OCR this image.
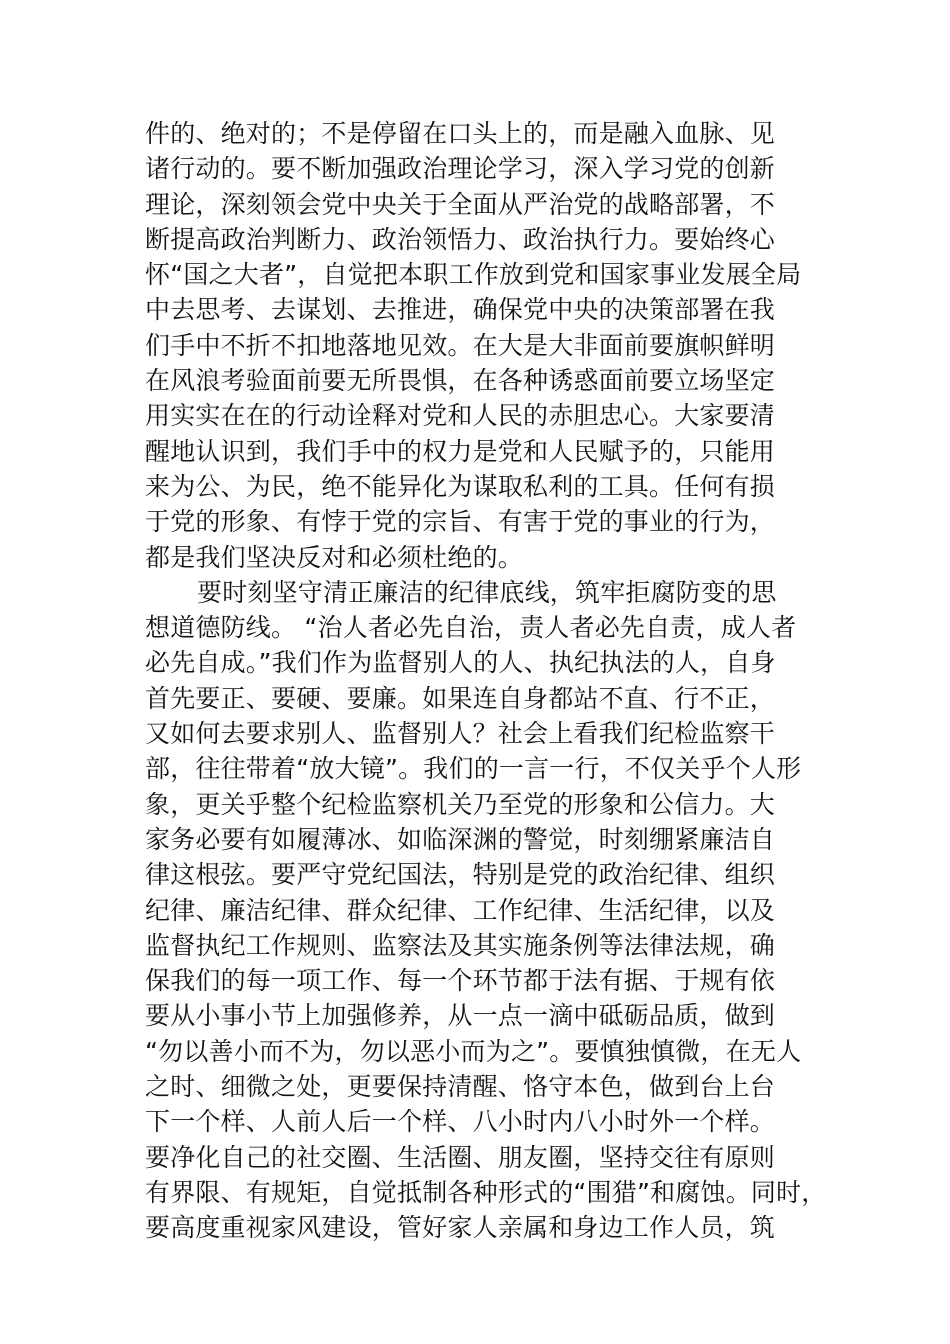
件的、绝对的；不是停留在口头上的，而是融入血脉、见
诸行动的。要不断加强政治理论学习，深入学习党的创新
理论，深刻领会党中央关于全面从严治党的战略部署，不
断提高政治判断力、政治领悟力、政治执行力。要始终心
怀“国之大者”，自觉把本职工作放到党和国家事业发展全局
中去思考、去谋划、去推进，确保党中央的决策部署在我
们手中不折不扣地落地见效。在大是大非面前要旗帜鲜明
在风浪考验面前要无所畏惧，在各种诱惑面前要立场坚定
用实实在在的行动诠释对党和人民的赤胆忠心。大家要清
醒地认识到，我们手中的权力是党和人民赋予的，只能用
来为公、为民，绝不能异化为谋取私利的工具。任何有损
于党的形象、有悖于党的宗旨、有害于党的事业的行为，
都是我们坚决反对和必须杜绝的。
要时刻坚守清正廉洁的纪律底线，筑牢拒腐防变的思
想道德防线。 “治人者必先自治，责人者必先自责，成人者
必先自成。”我们作为监督别人的人、执纪执法的人，自身
首先要正、要硬、要廉。如果连自身都站不直、行不正，
又如何去要求别人、监督别人？社会上看我们纪检监察干
部，往往带着“放大镜”。我们的一言一行，不仅关乎个人形
象，更关乎整个纪检监察机关乃至党的形象和公信力。大
家务必要有如履薄冰、如临深渊的警觉，时刻绷紧廉洁自
律这根弦。要严守党纪国法，特别是党的政治纪律、组织
纪律、廉洁纪律、群众纪律、工作纪律、生活纪律，以及
监督执纪工作规则、监察法及其实施条例等法律法规，确
保我们的每一项工作、每一个环节都于法有据、于规有依
要从小事小节上加强修养，从一点一滴中砥砺品质，做到
“勿以善小而不为，勿以恶小而为之”。要慎独慎微，在无人
之时、细微之处，更要保持清醒、恪守本色，做到台上台
下一个样、人前人后一个样、八小时内八小时外一个样。
要净化自己的社交圈、生活圈、朋友圈，坚持交往有原则
有界限、有规矩，自觉抵制各种形式的“围猎”和腐蚀。同时，
要高度重视家风建设，管好家人亲属和身边工作人员，筑
